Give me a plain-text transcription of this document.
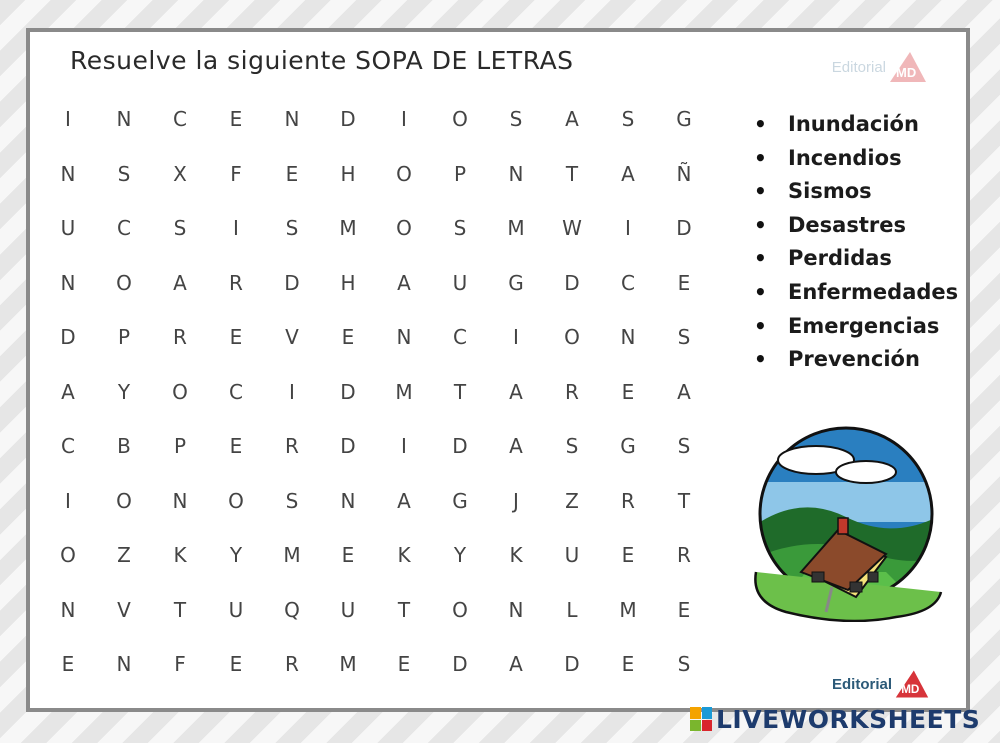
Resuelve la siguiente SOPA DE LETRAS	Editorial MD
I	N	C	E	N	D	I	O	S	A	S	G
N	S	X	F	E	H	O	P	N	T	A	Ñ
U	C	S	I	S	M	O	S	M	W	I	D
N	O	A	R	D	H	A	U	G	D	C	E
D	P	R	E	V	E	N	C	I	O	N	S
A	Y	O	C	I	D	M	T	A	R	E	A
C	B	P	E	R	D	I	D	A	S	G	S
I	O	N	O	S	N	A	G	J	Z	R	T
O	Z	K	Y	M	E	K	Y	K	U	E	R
N	V	T	U	Q	U	T	O	N	L	M	E
E	N	F	E	R	M	E	D	A	D	E	S
• Inundación
• Incendios
• Sismos
• Desastres
• Perdidas
• Enfermedades
• Emergencias
• Prevención
Editorial MD
LIVEWORKSHEETS
